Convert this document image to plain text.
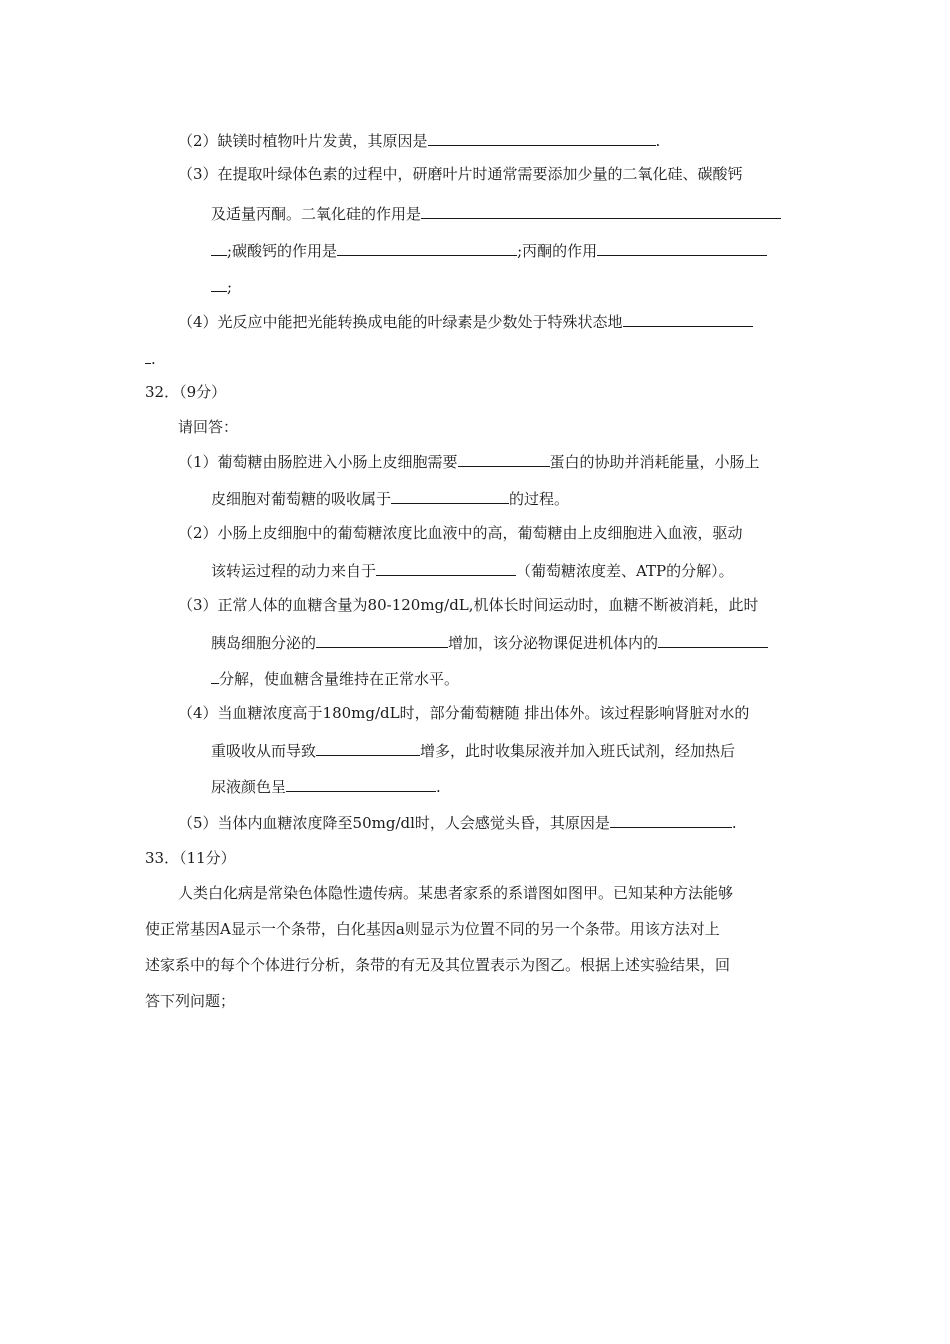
（2）缺镁时植物叶片发黄，其原因是	.
（3）在提取叶绿体色素的过程中，研磨叶片时通常需要添加少量的二氧化硅、碳酸钙
及适量丙酮。二氧化硅的作用是
;碳酸钙的作用是	;丙酮的作用
;
（4）光反应中能把光能转换成电能的叶绿素是少数处于特殊状态地
.
32．（9分）
请回答：
（1）葡萄糖由肠腔进入小肠上皮细胞需要	蛋白的协助并消耗能量，小肠上
皮细胞对葡萄糖的吸收属于	的过程。
（2）小肠上皮细胞中的葡萄糖浓度比血液中的高，葡萄糖由上皮细胞进入血液，驱动
该转运过程的动力来自于	（葡萄糖浓度差、ATP的分解）。
（3）正常人体的血糖含量为80-120mg/dL,机体长时间运动时，血糖不断被消耗，此时
胰岛细胞分泌的	增加，该分泌物课促进机体内的
分解，使血糖含量维持在正常水平。
（4）当血糖浓度高于180mg/dL时，部分葡萄糖随 排出体外。该过程影响肾脏对水的
重吸收从而导致	增多，此时收集尿液并加入班氏试剂，经加热后
尿液颜色呈	.
（5）当体内血糖浓度降至50mg/dl时，人会感觉头昏，其原因是	.
33．（11分）
人类白化病是常染色体隐性遗传病。某患者家系的系谱图如图甲。已知某种方法能够
使正常基因A显示一个条带，白化基因a则显示为位置不同的另一个条带。用该方法对上
述家系中的每个个体进行分析，条带的有无及其位置表示为图乙。根据上述实验结果，回
答下列问题；
